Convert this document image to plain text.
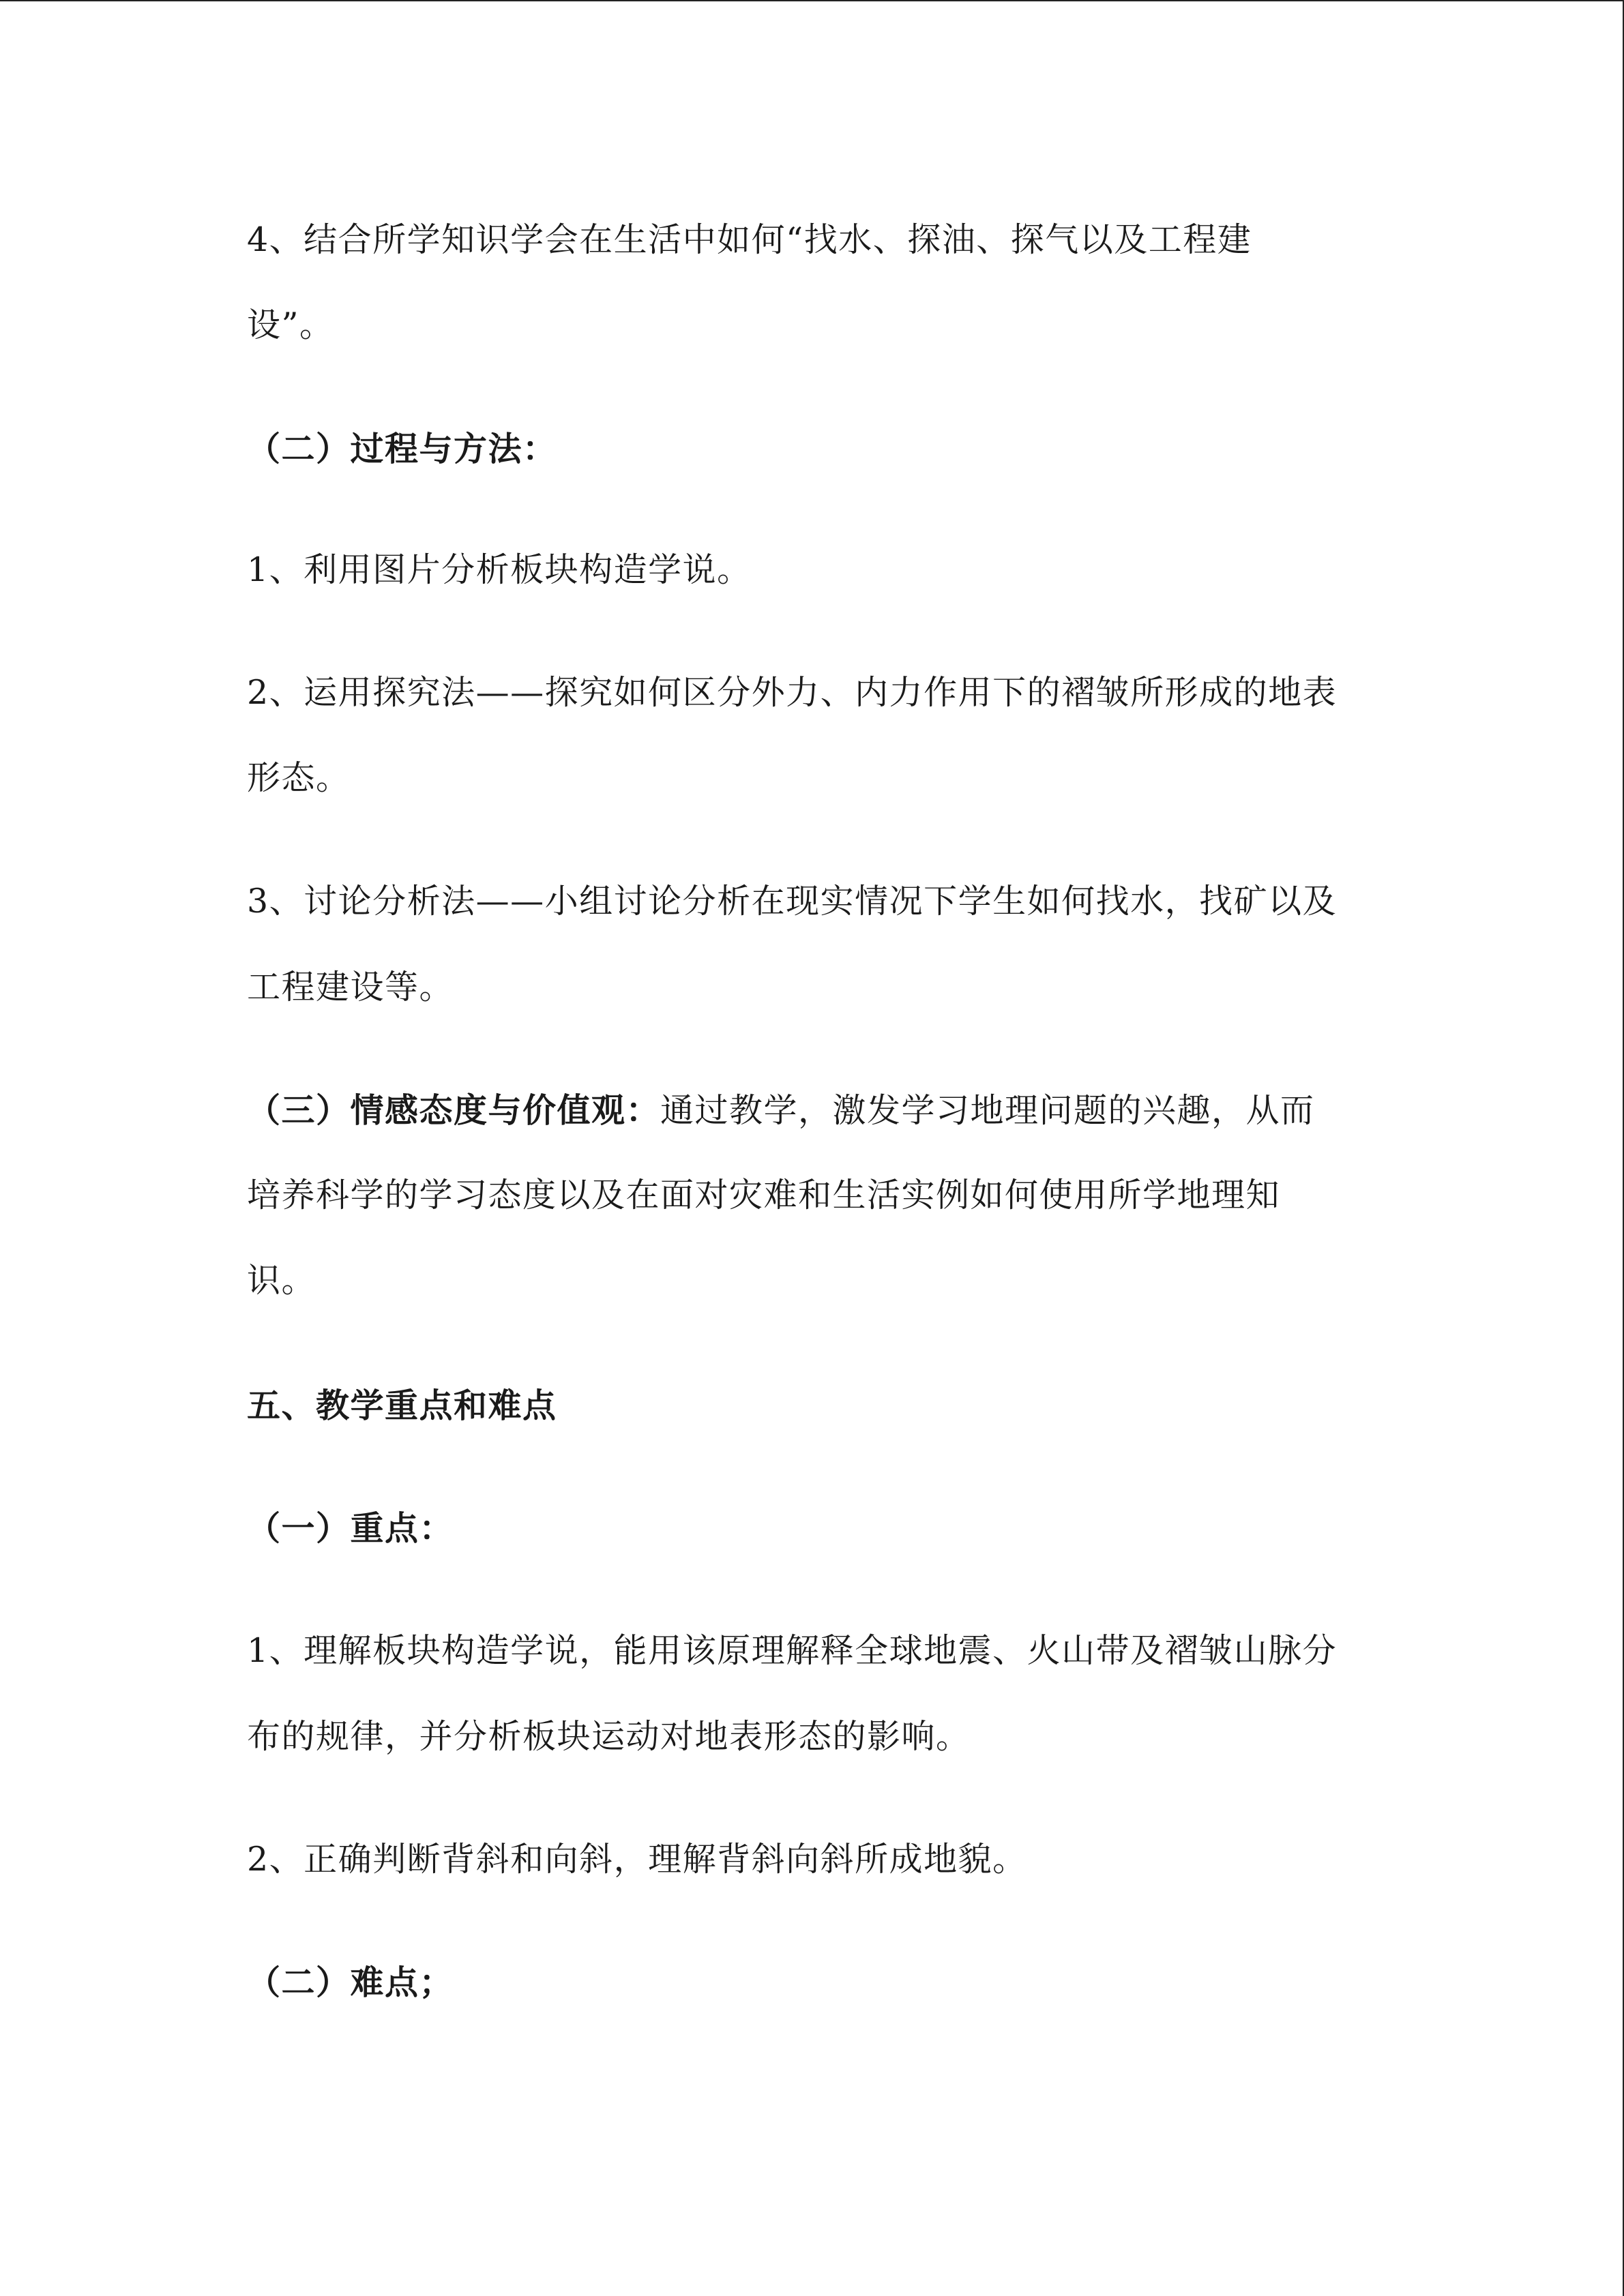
4、结合所学知识学会在生活中如何“找水、探油、探气以及工程建
设”。
（二）过程与方法：
1、利用图片分析板块构造学说。
2、运用探究法——探究如何区分外力、内力作用下的褶皱所形成的地表
形态。
3、讨论分析法——小组讨论分析在现实情况下学生如何找水，找矿以及
工程建设等。
（三）情感态度与价值观：通过教学，激发学习地理问题的兴趣，从而
培养科学的学习态度以及在面对灾难和生活实例如何使用所学地理知
识。
五、教学重点和难点
（一）重点：
1、理解板块构造学说，能用该原理解释全球地震、火山带及褶皱山脉分
布的规律，并分析板块运动对地表形态的影响。
2、正确判断背斜和向斜，理解背斜向斜所成地貌。
（二）难点；
